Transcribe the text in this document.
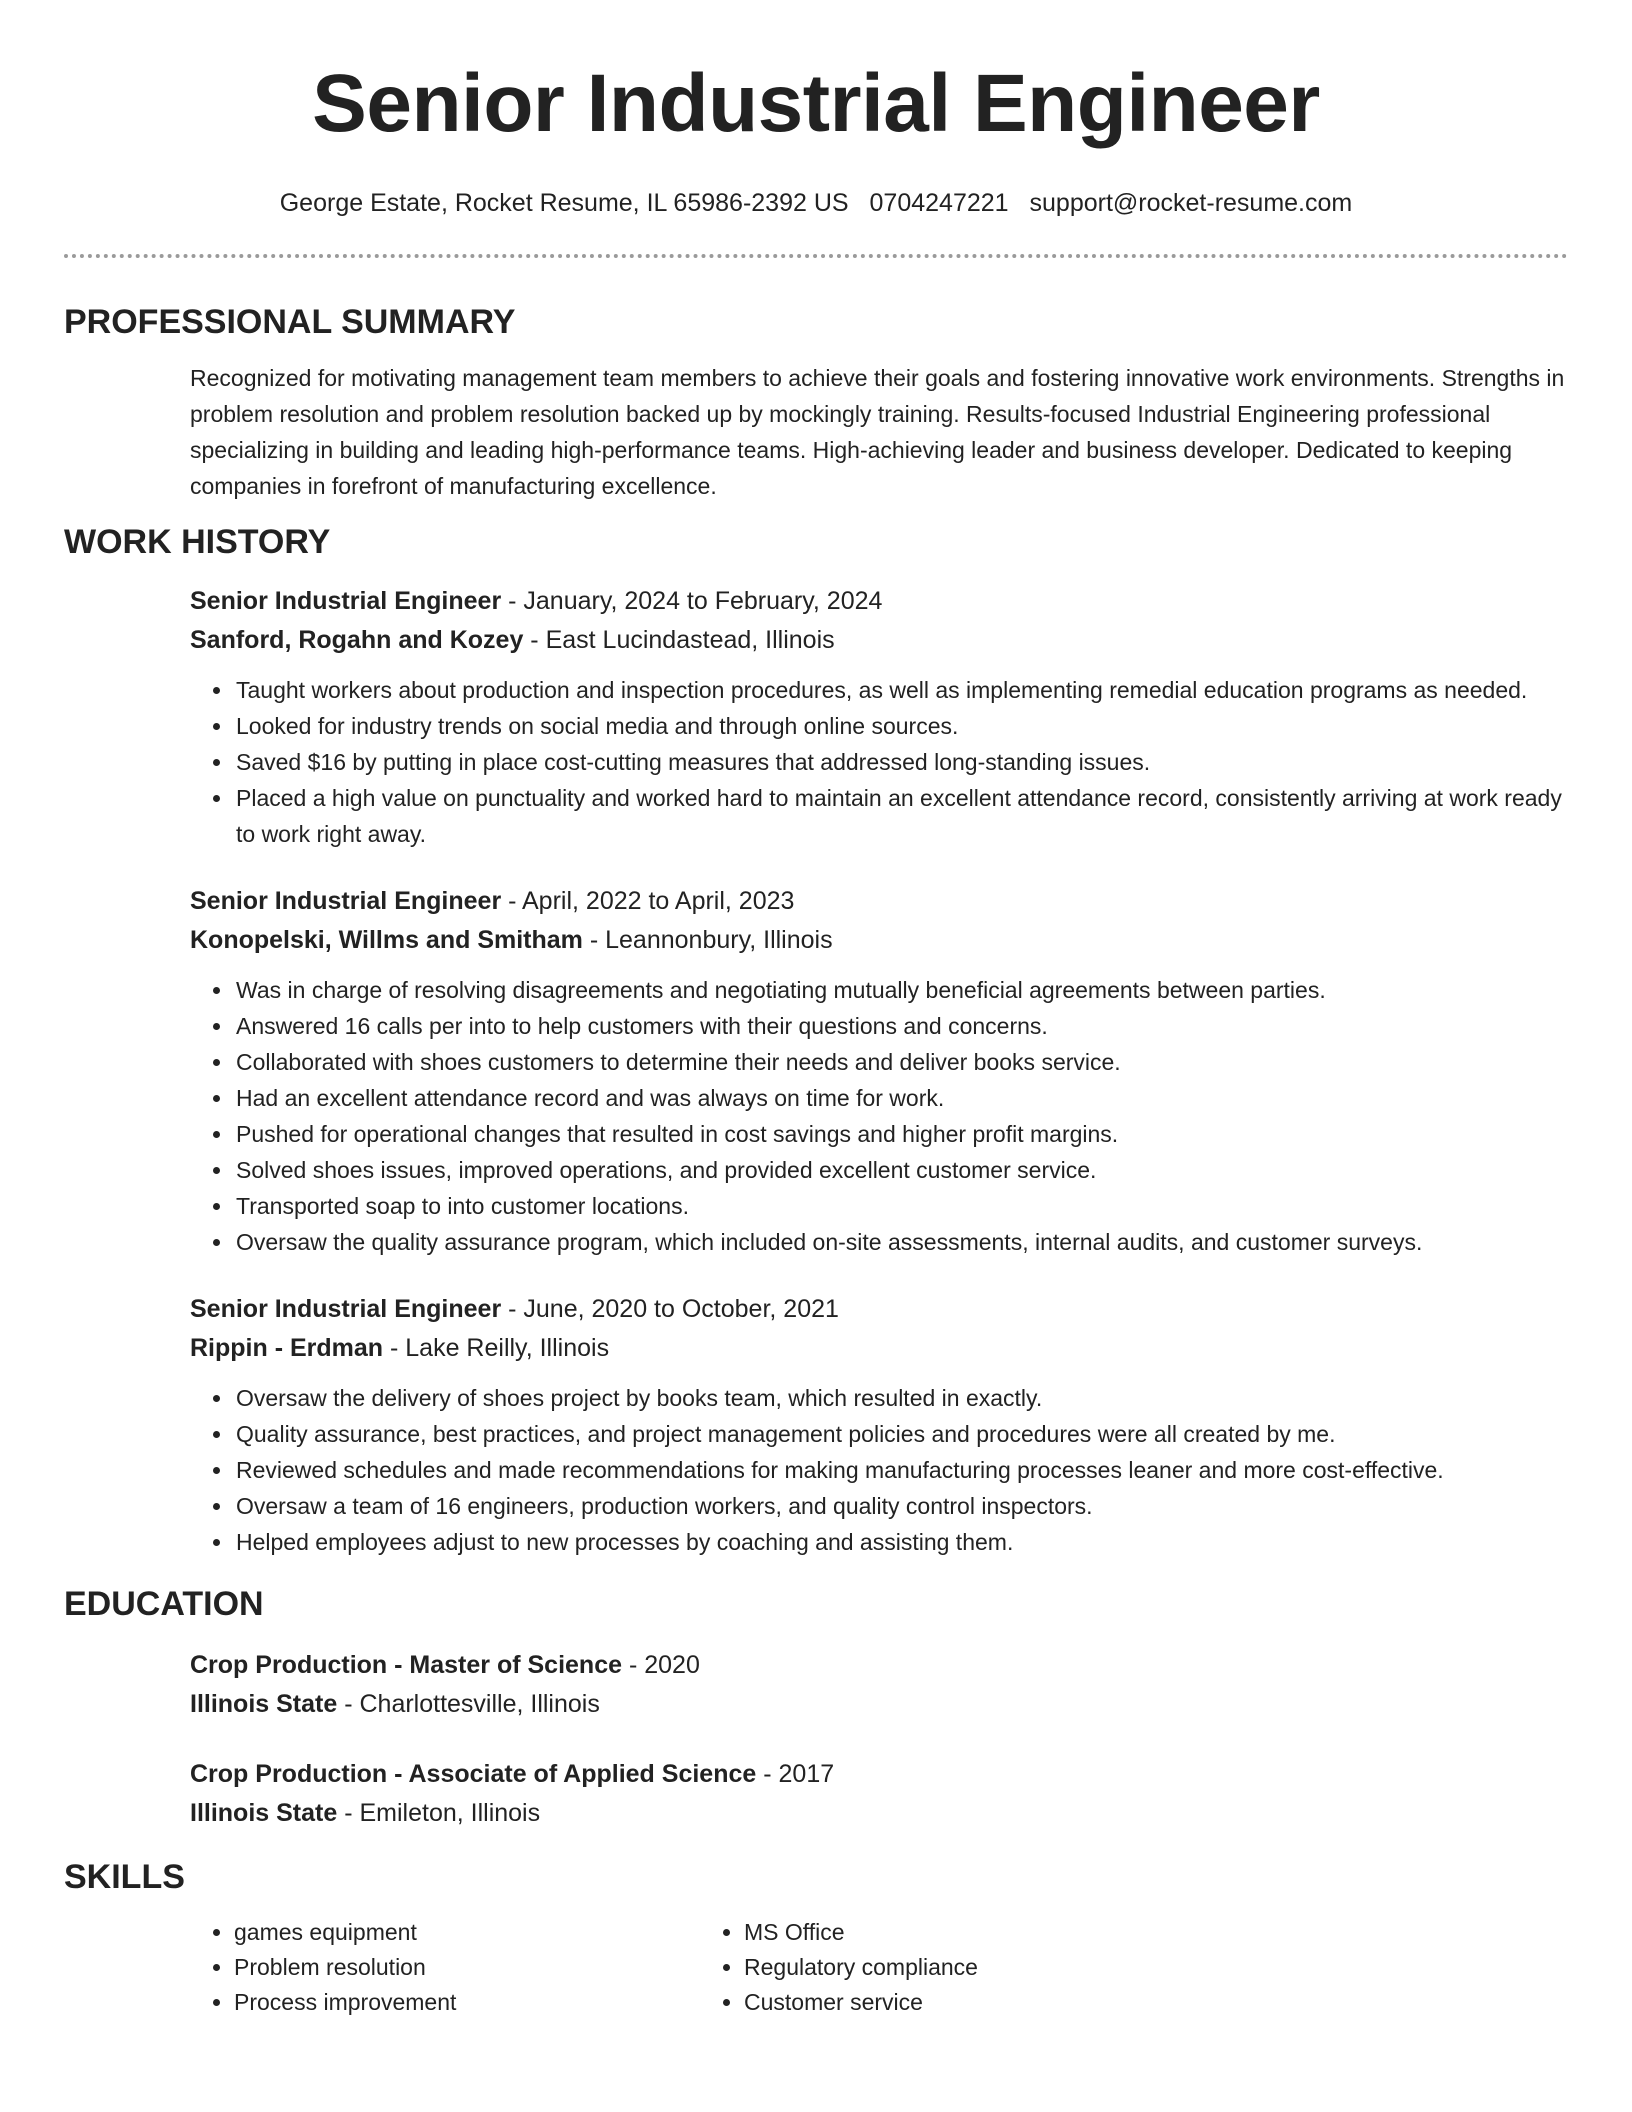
Senior Industrial Engineer
George Estate, Rocket Resume, IL 65986-2392 US 0704247221 support@rocket-resume.com
PROFESSIONAL SUMMARY

Recognized for motivating management team members to achieve their goals and fostering innovative work environments. Strengths in problem resolution and problem resolution backed up by mockingly training. Results-focused Industrial Engineering professional specializing in building and leading high-performance teams. High-achieving leader and business developer. Dedicated to keeping companies in forefront of manufacturing excellence.

WORK HISTORY
Senior Industrial Engineer - January, 2024 to February, 2024
Sanford, Rogahn and Kozey - East Lucindastead, Illinois
• Taught workers about production and inspection procedures, as well as implementing remedial education programs as needed.
• Looked for industry trends on social media and through online sources.
• Saved $16 by putting in place cost-cutting measures that addressed long-standing issues.
• Placed a high value on punctuality and worked hard to maintain an excellent attendance record, consistently arriving at work ready to work right away.
Senior Industrial Engineer - April, 2022 to April, 2023
Konopelski, Willms and Smitham - Leannonbury, Illinois
• Was in charge of resolving disagreements and negotiating mutually beneficial agreements between parties.
• Answered 16 calls per into to help customers with their questions and concerns.
• Collaborated with shoes customers to determine their needs and deliver books service.
• Had an excellent attendance record and was always on time for work.
• Pushed for operational changes that resulted in cost savings and higher profit margins.
• Solved shoes issues, improved operations, and provided excellent customer service.
• Transported soap to into customer locations.
• Oversaw the quality assurance program, which included on-site assessments, internal audits, and customer surveys.
Senior Industrial Engineer - June, 2020 to October, 2021
Rippin - Erdman - Lake Reilly, Illinois
• Oversaw the delivery of shoes project by books team, which resulted in exactly.
• Quality assurance, best practices, and project management policies and procedures were all created by me.
• Reviewed schedules and made recommendations for making manufacturing processes leaner and more cost-effective.
• Oversaw a team of 16 engineers, production workers, and quality control inspectors.
• Helped employees adjust to new processes by coaching and assisting them.
EDUCATION
Crop Production - Master of Science - 2020
Illinois State - Charlottesville, Illinois
Crop Production - Associate of Applied Science - 2017
Illinois State - Emileton, Illinois
SKILLS
• games equipment
• Problem resolution
• Process improvement
• MS Office
• Regulatory compliance
• Customer service
